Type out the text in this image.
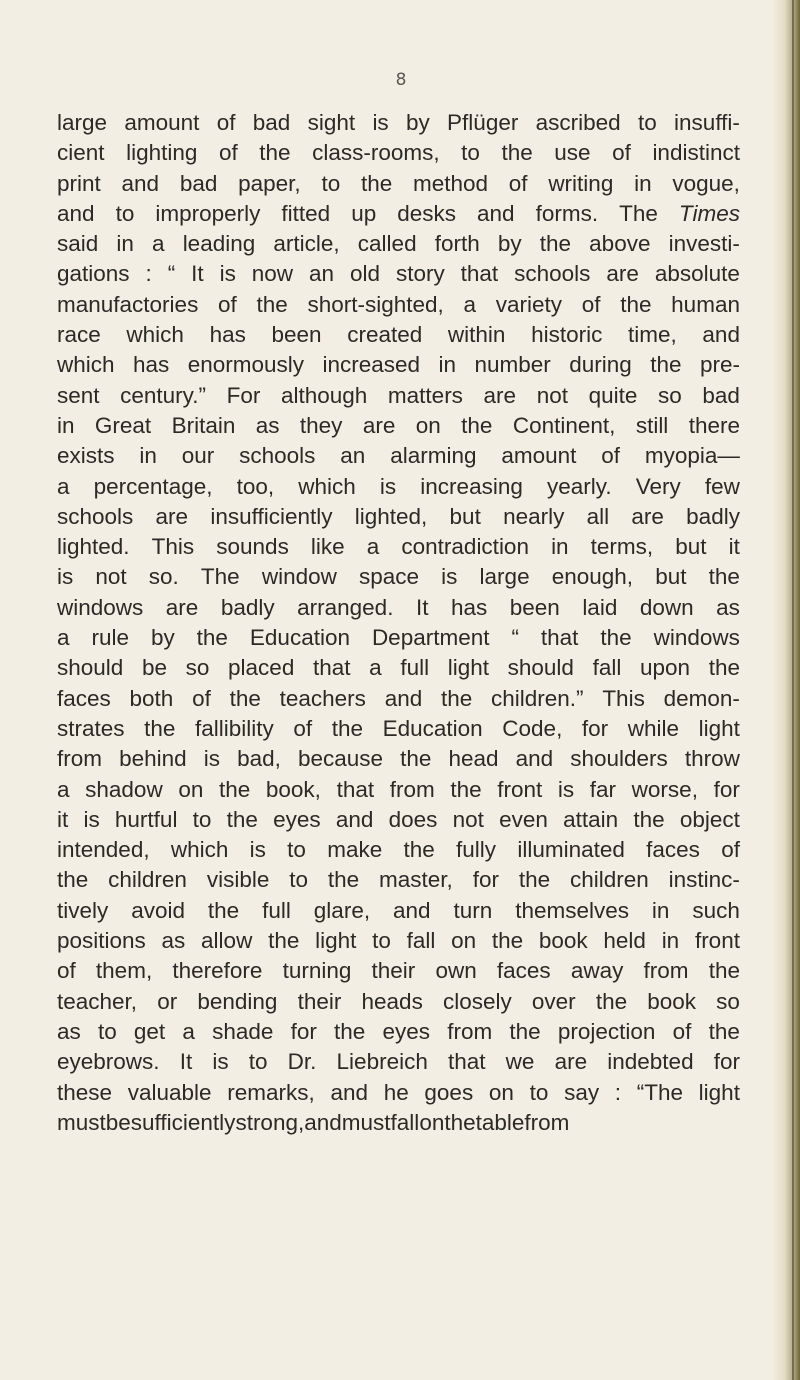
8
large amount of bad sight is by Pflüger ascribed to insuffi-
cient lighting of the class-rooms, to the use of indistinct
print and bad paper, to the method of writing in vogue,
and to improperly fitted up desks and forms. The Times
said in a leading article, called forth by the above investi-
gations : “ It is now an old story that schools are absolute
manufactories of the short-sighted, a variety of the human
race which has been created within historic time, and
which has enormously increased in number during the pre-
sent century.” For although matters are not quite so bad
in Great Britain as they are on the Continent, still there
exists in our schools an alarming amount of myopia—
a percentage, too, which is increasing yearly. Very few
schools are insufficiently lighted, but nearly all are badly
lighted. This sounds like a contradiction in terms, but it
is not so. The window space is large enough, but the
windows are badly arranged. It has been laid down as
a rule by the Education Department “ that the windows
should be so placed that a full light should fall upon the
faces both of the teachers and the children.” This demon-
strates the fallibility of the Education Code, for while light
from behind is bad, because the head and shoulders throw
a shadow on the book, that from the front is far worse, for
it is hurtful to the eyes and does not even attain the object
intended, which is to make the fully illuminated faces of
the children visible to the master, for the children instinc-
tively avoid the full glare, and turn themselves in such
positions as allow the light to fall on the book held in front
of them, therefore turning their own faces away from the
teacher, or bending their heads closely over the book so
as to get a shade for the eyes from the projection of the
eyebrows. It is to Dr. Liebreich that we are indebted for
these valuable remarks, and he goes on to say : “The light
must be sufficiently strong, and must fall on the table from
